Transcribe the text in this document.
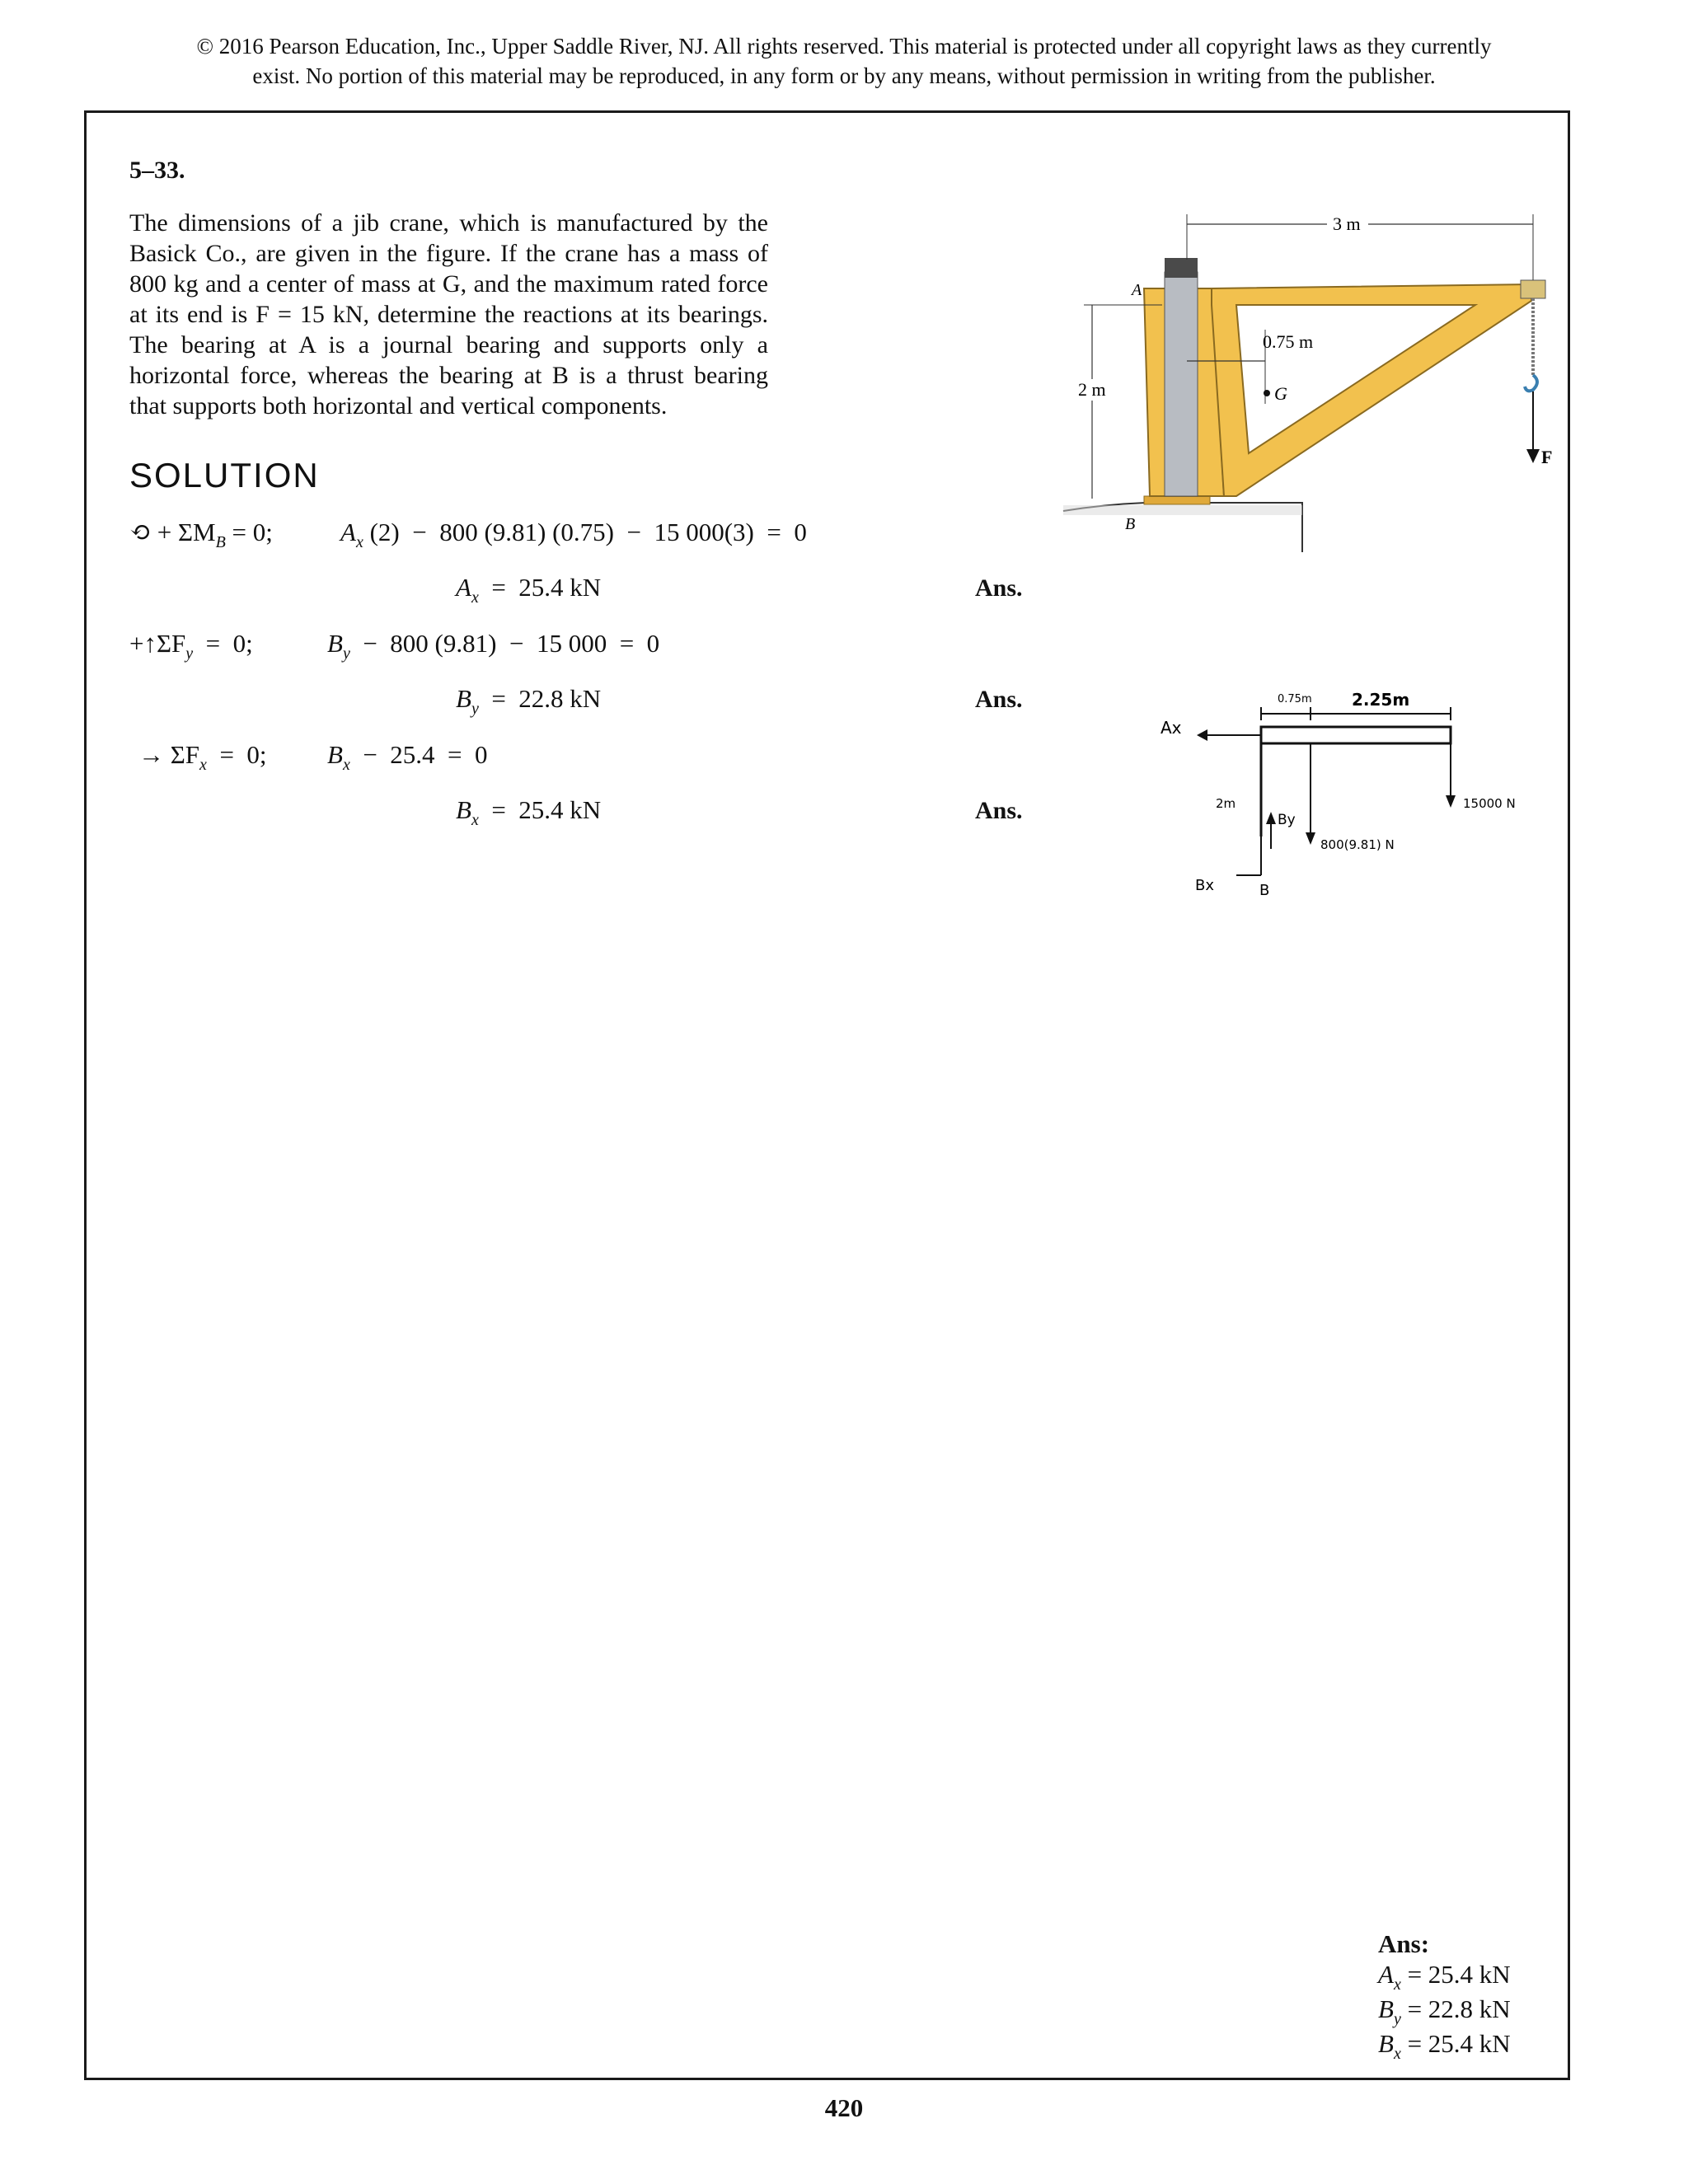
© 2016 Pearson Education, Inc., Upper Saddle River, NJ. All rights reserved. This material is protected under all copyright laws as they currently
exist. No portion of this material may be reproduced, in any form or by any means, without permission in writing from the publisher.
5–33.
The dimensions of a jib crane, which is manufactured by the Basick Co., are given in the figure. If the crane has a mass of 800 kg and a center of mass at G, and the maximum rated force at its end is F = 15 kN, determine the reactions at its bearings. The bearing at A is a journal bearing and supports only a horizontal force, whereas the bearing at B is a thrust bearing that supports both horizontal and vertical components.
SOLUTION
⟲ + $\Sigma M_B = 0$;	$A_x$ (2)  −  800 (9.81) (0.75)  −  15 000(3)  =  0
$A_x = 25.4$ kN	Ans.
$+↑\Sigma F_y = 0$;	$B_y - 800$ (9.81)  −  15 000  =  0
$B_y = 22.8$ kN	Ans.
→ $\Sigma F_x = 0$; $B_x - 25.4 = 0$
$B_x = 25.4$ kN	Ans.
F
3 m
0.75 m
G
2 m
A
B
0.75m 2.25m
Ax
800(9.81) N
15000 N
By
Bx	B
2m
Ans:
$A_x = 25.4$ kN
$B_y = 22.8$ kN
$B_x = 25.4$ kN
420
